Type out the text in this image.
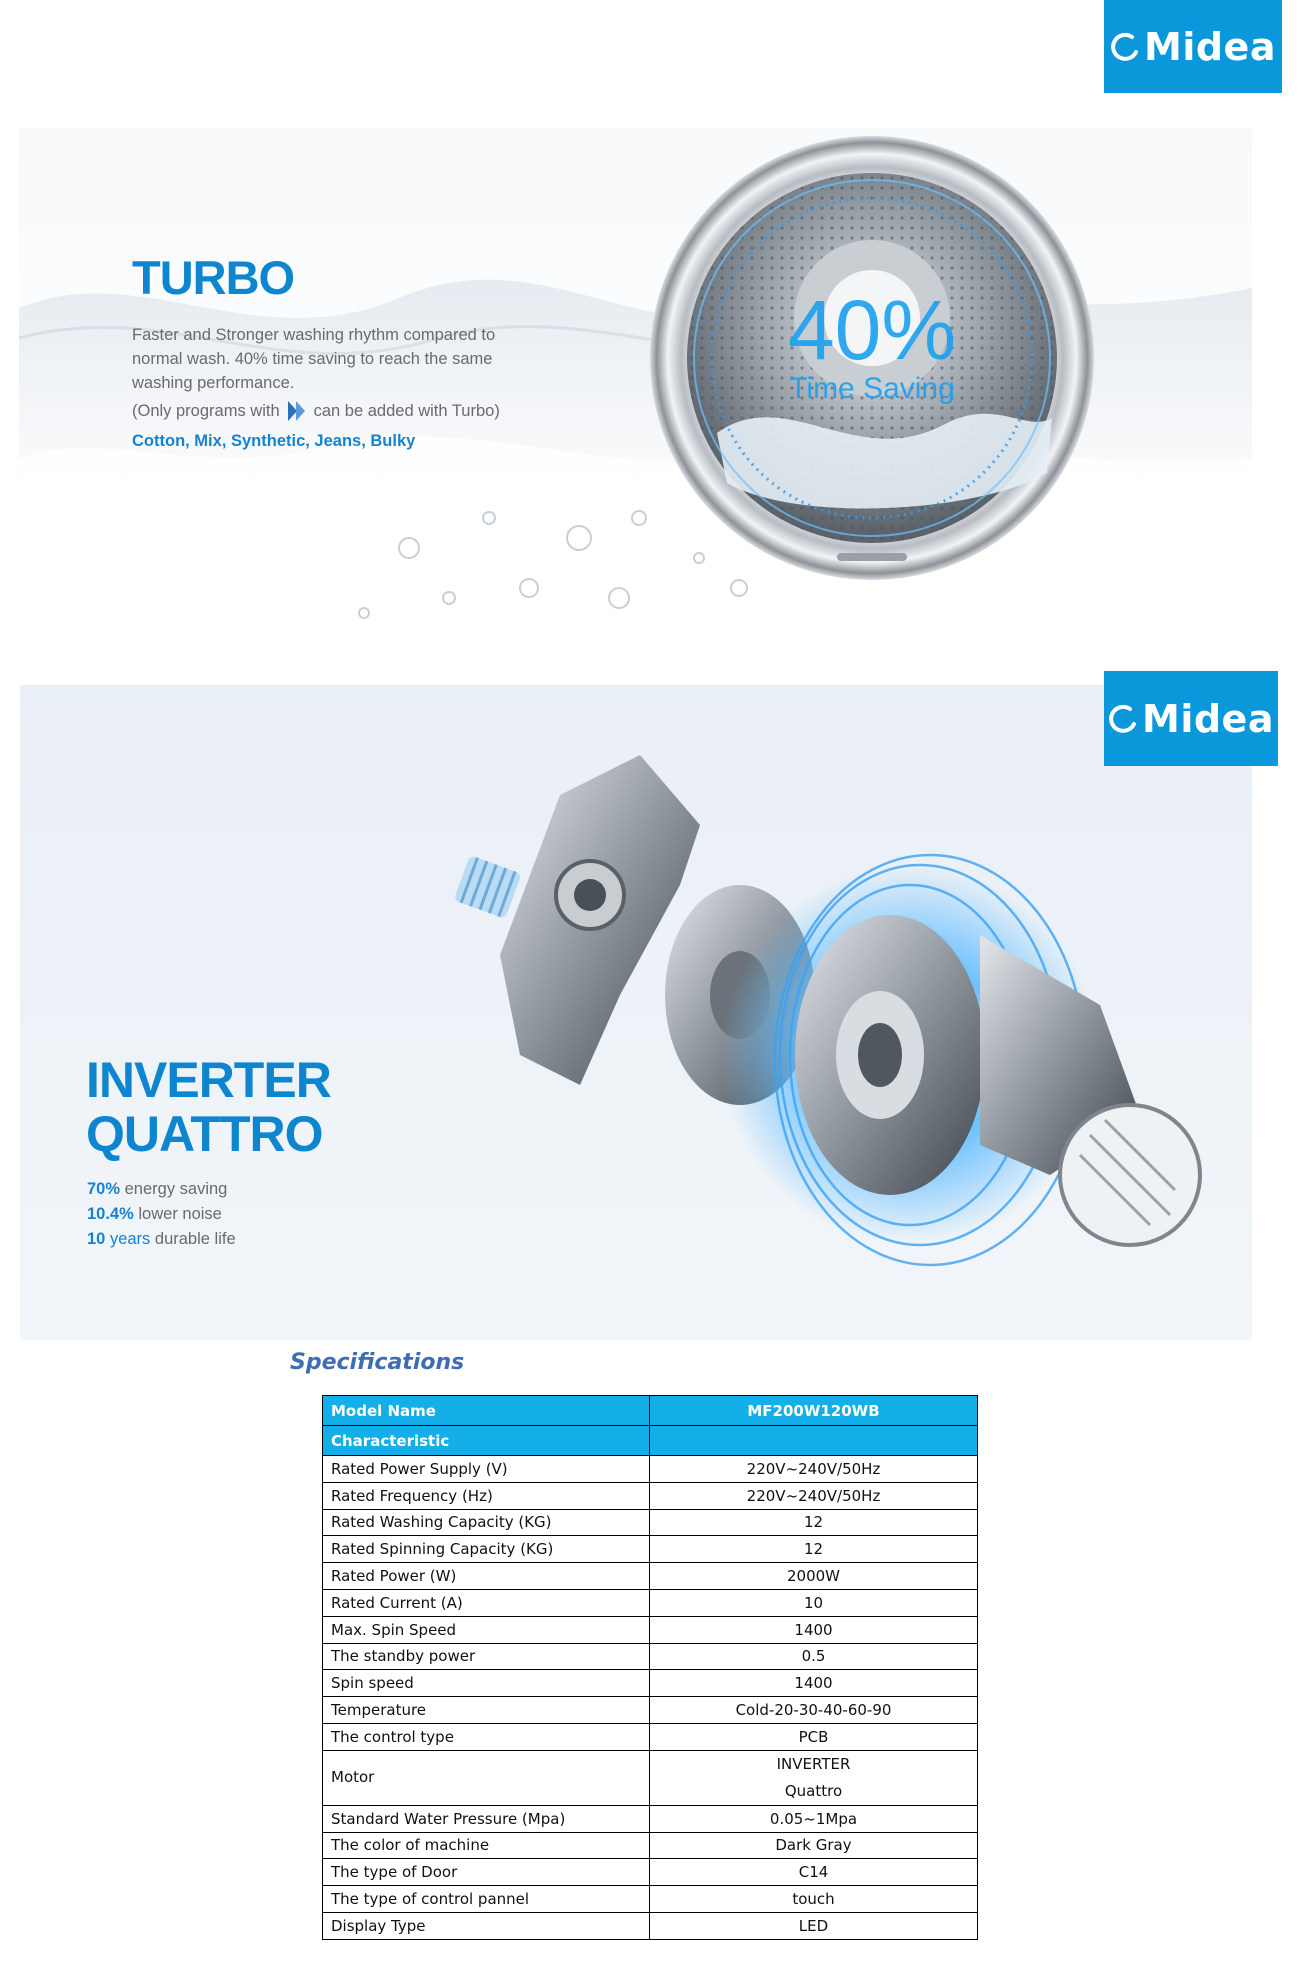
Midea
TURBO
Faster and Stronger washing rhythm compared to
normal wash. 40% time saving to reach the same
washing performance.
(Only programs with can be added with Turbo)
Cotton, Mix, Synthetic, Jeans, Bulky
40%
Time Saving
INVERTER
QUATTRO
70% energy saving
10.4% lower noise
10 years durable life
Midea
Specifications
Model Name	MF200W120WB
Characteristic	
Rated Power Supply (V)	220V~240V/50Hz
Rated Frequency (Hz)	220V~240V/50Hz
Rated Washing Capacity (KG)	12
Rated Spinning Capacity (KG)	12
Rated Power (W)	2000W
Rated Current (A)	10
Max. Spin Speed	1400
The standby power	0.5
Spin speed	1400
Temperature	Cold-20-30-40-60-90
The control type	PCB
Motor	INVERTER
Quattro

Standard Water Pressure (Mpa)	0.05~1Mpa
The color of machine	Dark Gray
The type of Door	C14
The type of control pannel	touch
Display Type	LED
